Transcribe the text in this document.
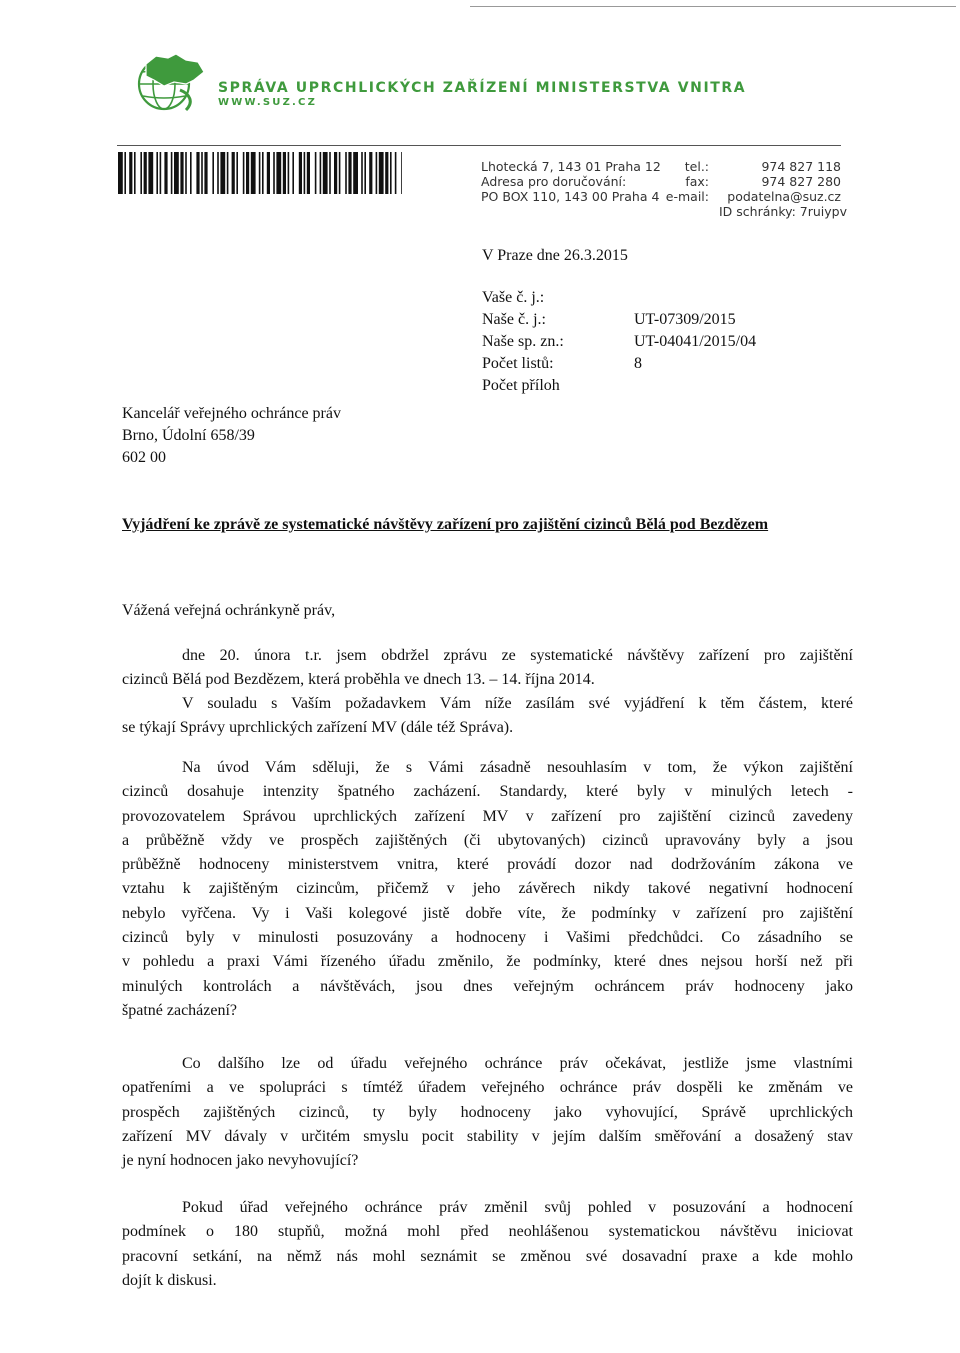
SPRÁVA UPRCHLICKÝCH ZAŘÍZENÍ MINISTERSTVA VNITRA
WWW.SUZ.CZ
Lhotecká 7, 143 01 Praha 12
Adresa pro doručování:
PO BOX 110, 143 00 Praha 4
tel.:
fax:
e-mail:
974 827 118
974 827 280
podatelna@suz.cz
ID schránky: 7ruiypv
V Praze dne 26.3.2015
Vaše č. j.:
Naše č. j.:
Naše sp. zn.:
Počet listů:
Počet příloh
UT-07309/2015
UT-04041/2015/04
8
Kancelář veřejného ochránce práv
Brno, Údolní 658/39
602 00
Vyjádření ke zprávě ze systematické návštěvy zařízení pro zajištění cizinců Bělá pod Bezdězem
Vážená veřejná ochránkyně práv,
dne 20. února t.r. jsem obdržel zprávu ze systematické návštěvy zařízení pro zajištění
cizinců Bělá pod Bezdězem, která proběhla ve dnech 13. – 14. října 2014.
V souladu s Vaším požadavkem Vám níže zasílám své vyjádření k těm částem, které
se týkají Správy uprchlických zařízení MV (dále též Správa).
Na úvod Vám sděluji, že s Vámi zásadně nesouhlasím v tom, že výkon zajištění
cizinců dosahuje intenzity špatného zacházení. Standardy, které byly v minulých letech -
provozovatelem Správou uprchlických zařízení MV v zařízení pro zajištění cizinců zavedeny
a průběžně vždy ve prospěch zajištěných (či ubytovaných) cizinců upravovány byly a jsou
průběžně hodnoceny ministerstvem vnitra, které provádí dozor nad dodržováním zákona ve
vztahu k zajištěným cizincům, přičemž v jeho závěrech nikdy takové negativní hodnocení
nebylo vyřčena. Vy i Vaši kolegové jistě dobře víte, že podmínky v zařízení pro zajištění
cizinců byly v minulosti posuzovány a hodnoceny i Vašimi předchůdci. Co zásadního se
v pohledu a praxi Vámi řízeného úřadu změnilo, že podmínky, které dnes nejsou horší než při
minulých kontrolách a návštěvách, jsou dnes veřejným ochráncem práv hodnoceny jako
špatné zacházení?
Co dalšího lze od úřadu veřejného ochránce práv očekávat, jestliže jsme vlastními
opatřeními a ve spolupráci s tímtéž úřadem veřejného ochránce práv dospěli ke změnám ve
prospěch zajištěných cizinců, ty byly hodnoceny jako vyhovující, Správě uprchlických
zařízení MV dávaly v určitém smyslu pocit stability v jejím dalším směřování a dosažený stav
je nyní hodnocen jako nevyhovující?
Pokud úřad veřejného ochránce práv změnil svůj pohled v posuzování a hodnocení
podmínek o 180 stupňů, možná mohl před neohlášenou systematickou návštěvu iniciovat
pracovní setkání, na němž nás mohl seznámit se změnou své dosavadní praxe a kde mohlo
dojít k diskusi.
